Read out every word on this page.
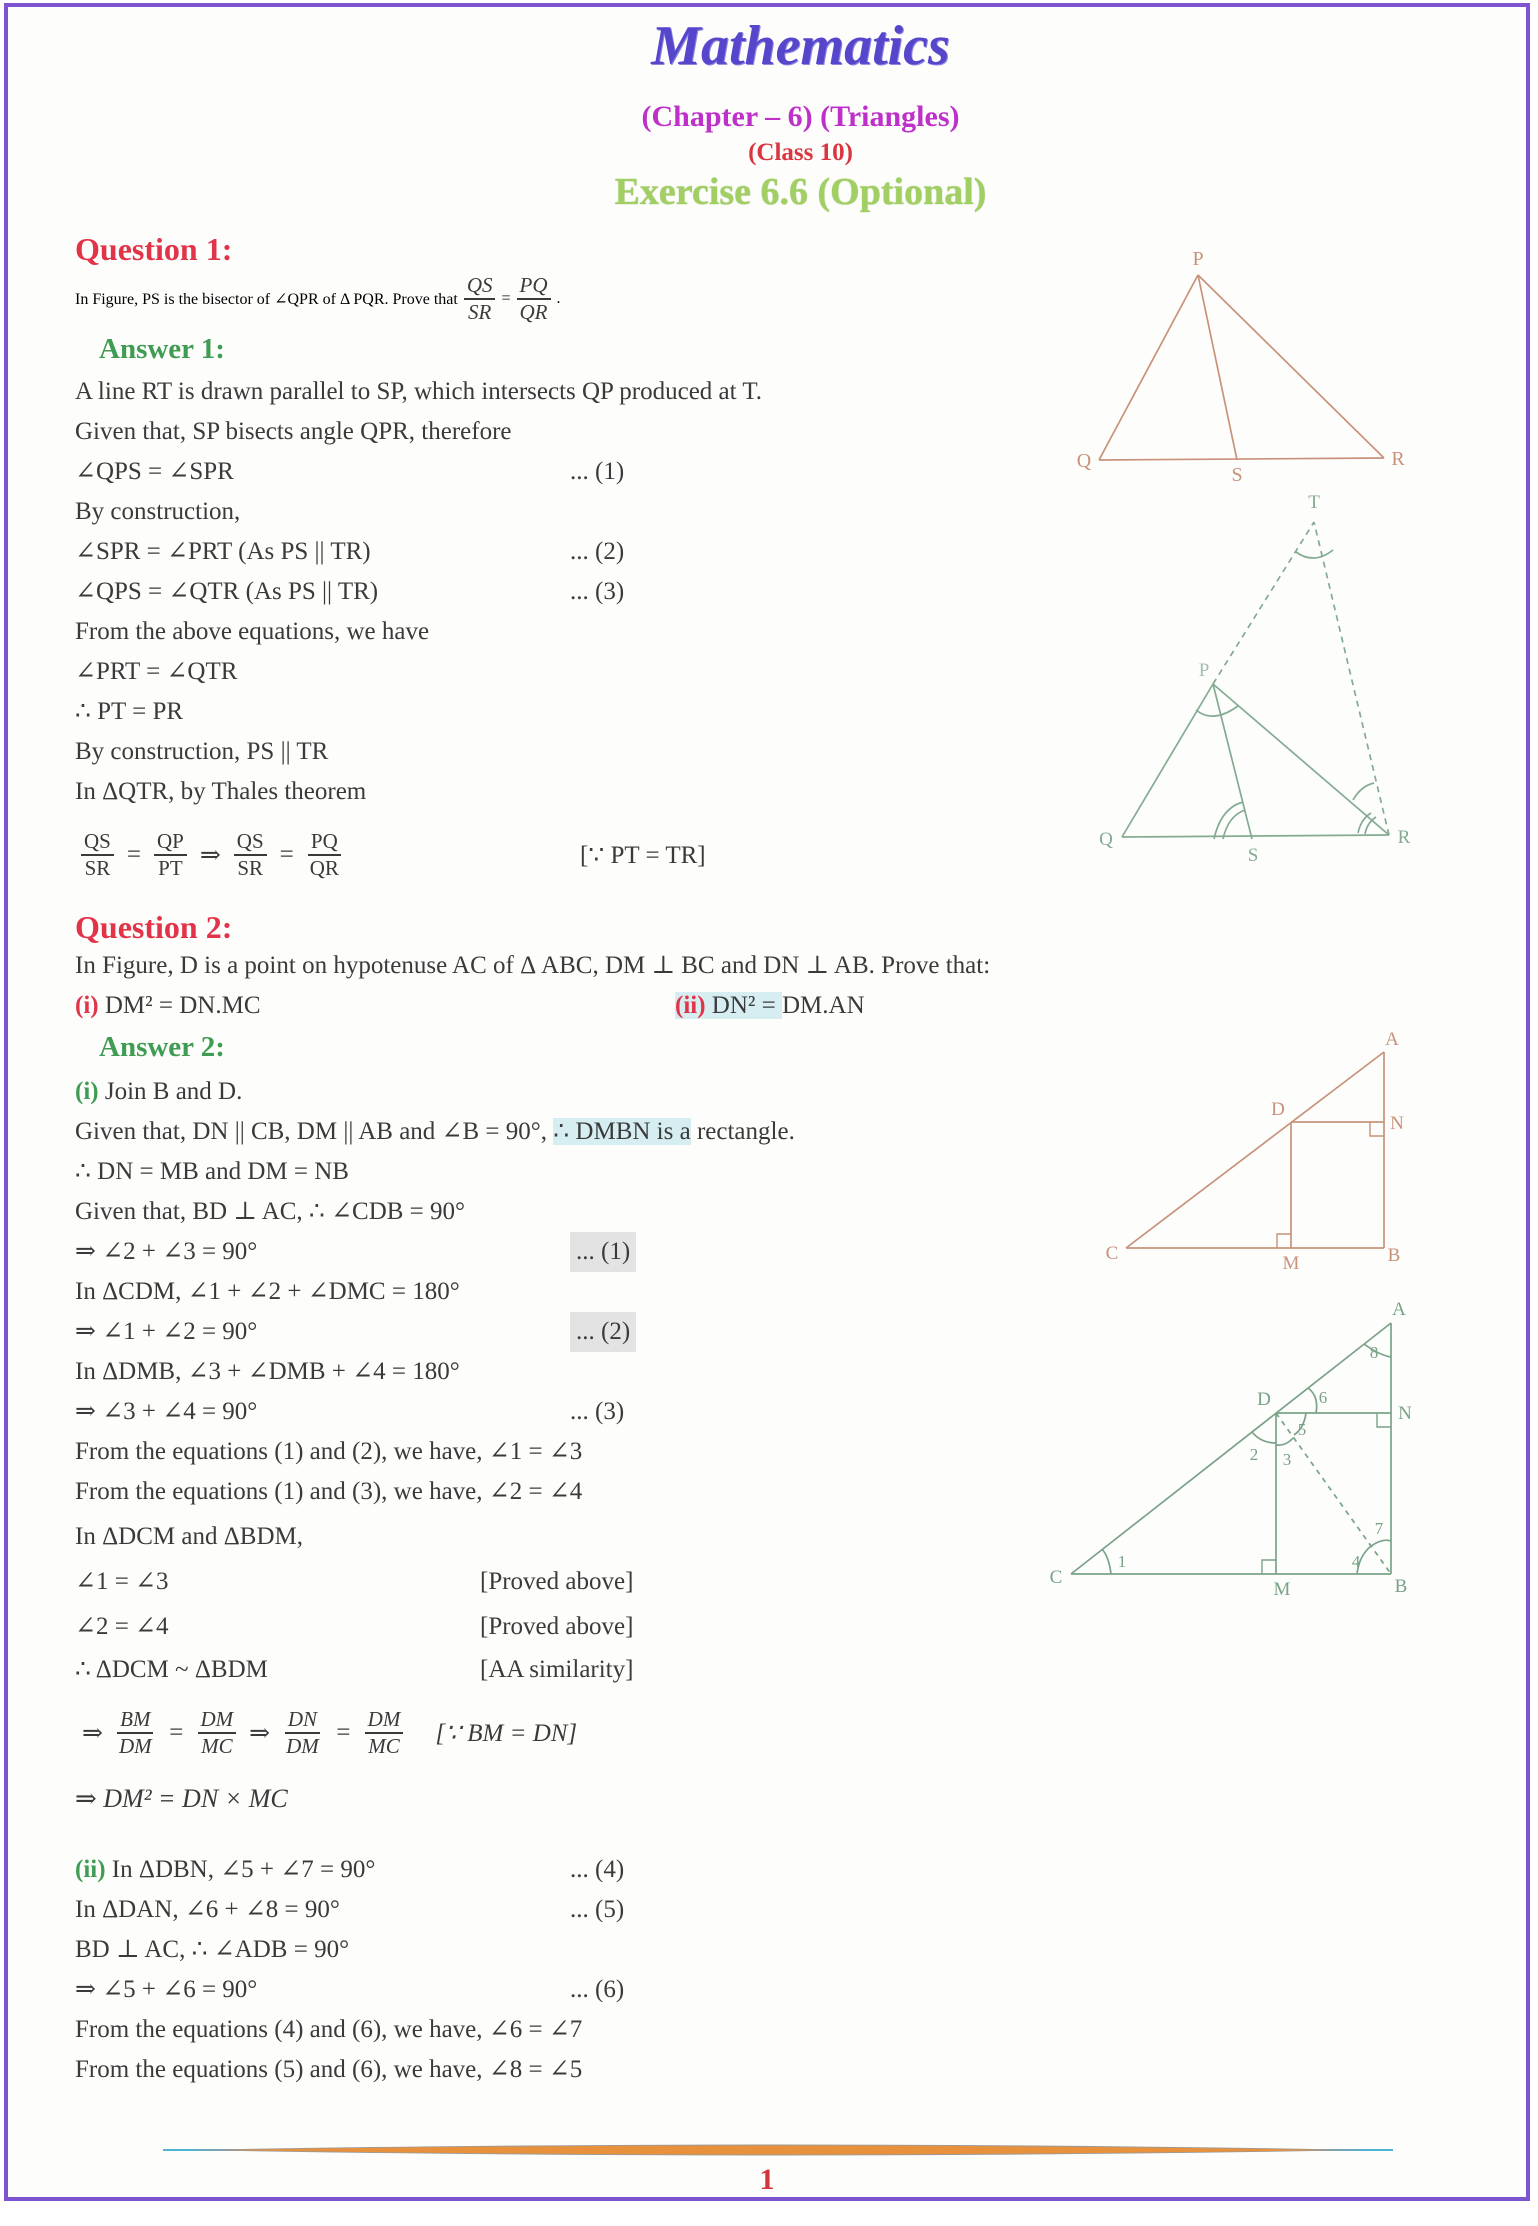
Mathematics
(Chapter – 6) (Triangles)
(Class 10)
Exercise 6.6 (Optional)
Question 1:
In Figure, PS is the bisector of ∠QPR of Δ PQR. Prove that $\frac{QS}{SR} = \frac{PQ}{QR}$ .
Answer 1:
A line RT is drawn parallel to SP, which intersects QP produced at T.
Given that, SP bisects angle QPR, therefore
∠QPS = ∠SPR	... (1)
By construction,
∠SPR = ∠PRT (As PS || TR)	... (2)
∠QPS = ∠QTR (As PS || TR)	... (3)
From the above equations, we have
∠PRT = ∠QTR
∴ PT = PR
By construction, PS || TR
In ΔQTR, by Thales theorem
$\frac{QS}{SR} = \frac{QP}{PT}$ ⇒ $\frac{QS}{SR} = \frac{PQ}{QR}$	[∵ PT = TR]
Question 2:
In Figure, D is a point on hypotenuse AC of Δ ABC, DM ⊥ BC and DN ⊥ AB. Prove that:
(i) DM² = DN.MC	(ii) DN² = DM.AN
Answer 2:
(i) Join B and D.
Given that, DN || CB, DM || AB and ∠B = 90°, ∴ DMBN is a rectangle.
∴ DN = MB and DM = NB
Given that, BD ⊥ AC, ∴ ∠CDB = 90°
⇒ ∠2 + ∠3 = 90°	... (1)
In ΔCDM, ∠1 + ∠2 + ∠DMC = 180°
⇒ ∠1 + ∠2 = 90°	... (2)
In ΔDMB, ∠3 + ∠DMB + ∠4 = 180°
⇒ ∠3 + ∠4 = 90°	... (3)
From the equations (1) and (2), we have, ∠1 = ∠3
From the equations (1) and (3), we have, ∠2 = ∠4
In ΔDCM and ΔBDM,
∠1 = ∠3	[Proved above]
∠2 = ∠4	[Proved above]
∴ ΔDCM ~ ΔBDM	[AA similarity]
⇒ $\frac{BM}{DM} = \frac{DM}{MC}$ ⇒ $\frac{DN}{DM} = \frac{DM}{MC}$ [∵ BM = DN]
⇒ DM² = DN × MC
(ii) In ΔDBN, ∠5 + ∠7 = 90°	... (4)
In ΔDAN, ∠6 + ∠8 = 90°	... (5)
BD ⊥ AC, ∴ ∠ADB = 90°
⇒ ∠5 + ∠6 = 90°	... (6)
From the equations (4) and (6), we have, ∠6 = ∠7
From the equations (5) and (6), we have, ∠8 = ∠5
P
Q
S
R
T
P
Q
S
R
A
D
N
C	M	B
A
D
N
C
M	B
1
2 3
4
5
6
7
8
1
